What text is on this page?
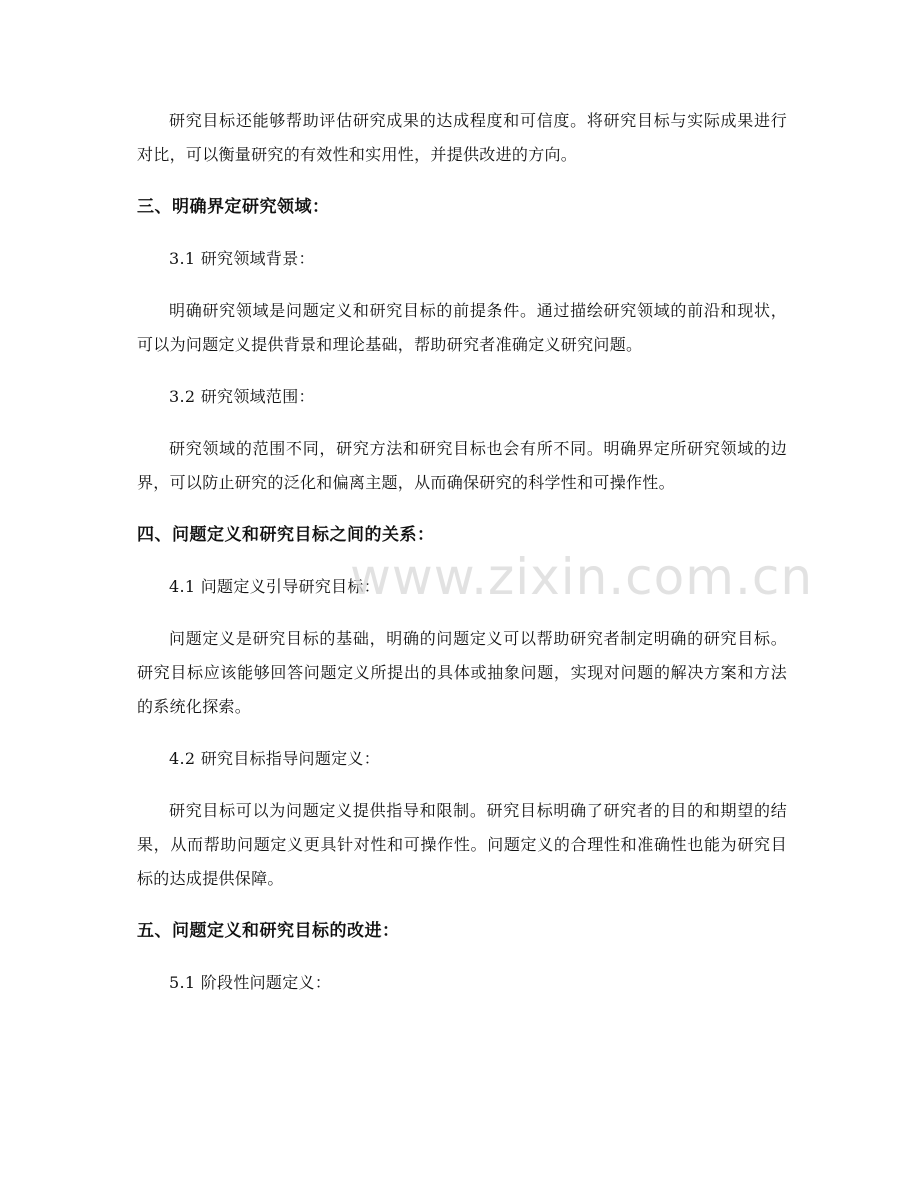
研究目标还能够帮助评估研究成果的达成程度和可信度。将研究目标与实际成果进行对比，可以衡量研究的有效性和实用性，并提供改进的方向。

三、明确界定研究领域：

3.1 研究领域背景：

明确研究领域是问题定义和研究目标的前提条件。通过描绘研究领域的前沿和现状，可以为问题定义提供背景和理论基础，帮助研究者准确定义研究问题。

3.2 研究领域范围：

研究领域的范围不同，研究方法和研究目标也会有所不同。明确界定所研究领域的边界，可以防止研究的泛化和偏离主题，从而确保研究的科学性和可操作性。

四、问题定义和研究目标之间的关系：

4.1 问题定义引导研究目标：

问题定义是研究目标的基础，明确的问题定义可以帮助研究者制定明确的研究目标。研究目标应该能够回答问题定义所提出的具体或抽象问题，实现对问题的解决方案和方法的系统化探索。

4.2 研究目标指导问题定义：

研究目标可以为问题定义提供指导和限制。研究目标明确了研究者的目的和期望的结果，从而帮助问题定义更具针对性和可操作性。问题定义的合理性和准确性也能为研究目标的达成提供保障。

五、问题定义和研究目标的改进：

5.1 阶段性问题定义：

www.zixin.com.cn
